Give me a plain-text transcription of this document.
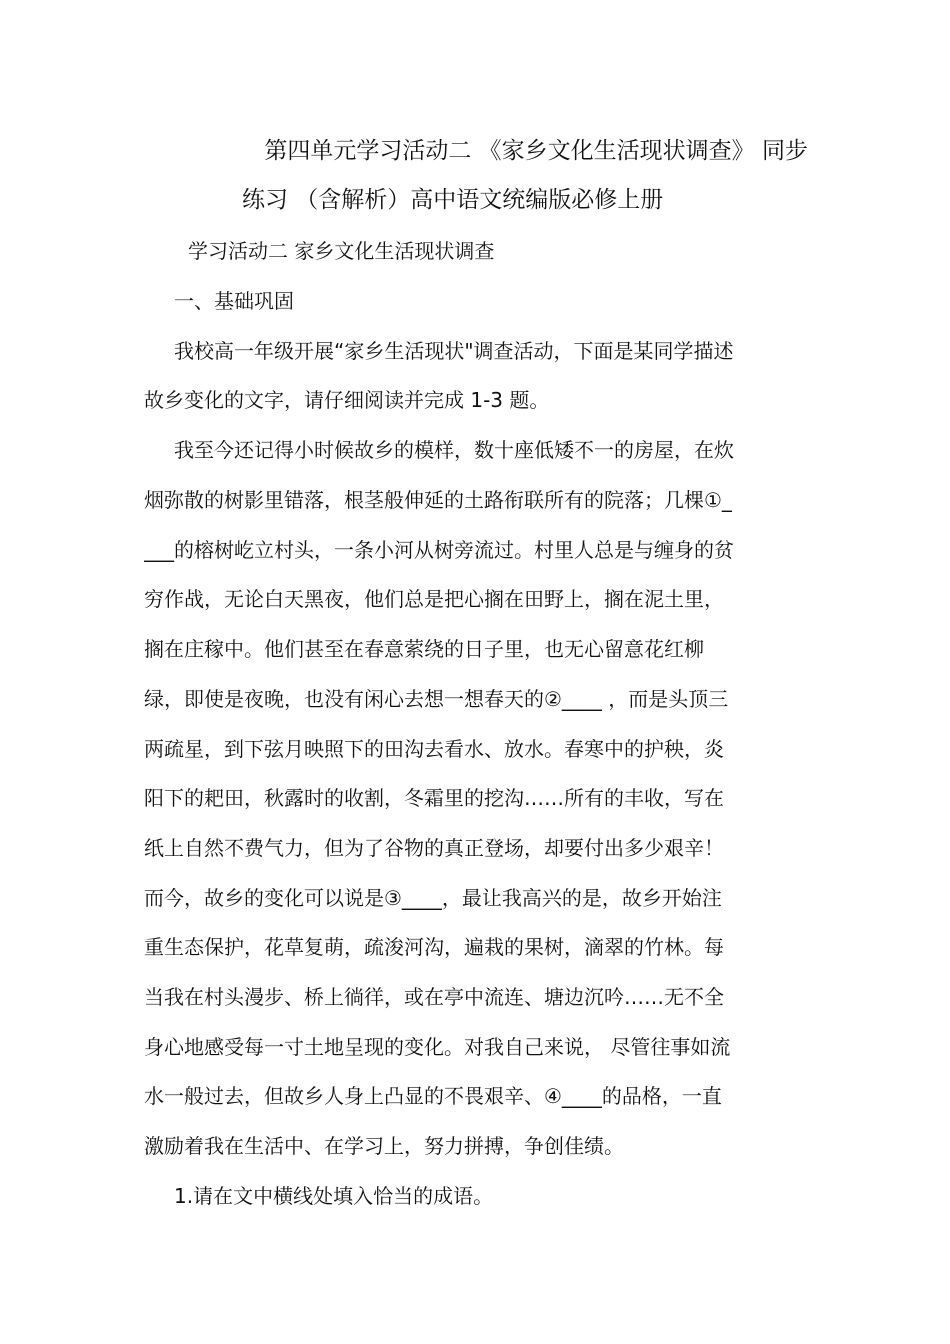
第四单元学习活动二 《家乡文化生活现状调查》 同步
练习 （含解析）高中语文统编版必修上册
学习活动二 家乡文化生活现状调查
一、基础巩固
我校高一年级开展“家乡生活现状"调查活动，下面是某同学描述
故乡变化的文字，请仔细阅读并完成 1-3 题。
我至今还记得小时候故乡的模样，数十座低矮不一的房屋，在炊
烟弥散的树影里错落，根茎般伸延的土路衔联所有的院落；几棵①_
___的榕树屹立村头，一条小河从树旁流过。村里人总是与缠身的贫
穷作战，无论白天黑夜，他们总是把心搁在田野上，搁在泥土里，
搁在庄稼中。他们甚至在春意萦绕的日子里，也无心留意花红柳
绿，即使是夜晚，也没有闲心去想一想春天的②____ ，而是头顶三
两疏星，到下弦月映照下的田沟去看水、放水。春寒中的护秧，炎
阳下的耙田，秋露时的收割，冬霜里的挖沟……所有的丰收，写在
纸上自然不费气力，但为了谷物的真正登场，却要付出多少艰辛！
而今，故乡的变化可以说是③____，最让我高兴的是，故乡开始注
重生态保护，花草复萌，疏浚河沟，遍栽的果树，滴翠的竹林。每
当我在村头漫步、桥上徜徉，或在亭中流连、塘边沉吟……无不全
身心地感受每一寸土地呈现的变化。对我自己来说， 尽管往事如流
水一般过去，但故乡人身上凸显的不畏艰辛、④____的品格，一直
激励着我在生活中、在学习上，努力拼搏，争创佳绩。
1.请在文中横线处填入恰当的成语。
